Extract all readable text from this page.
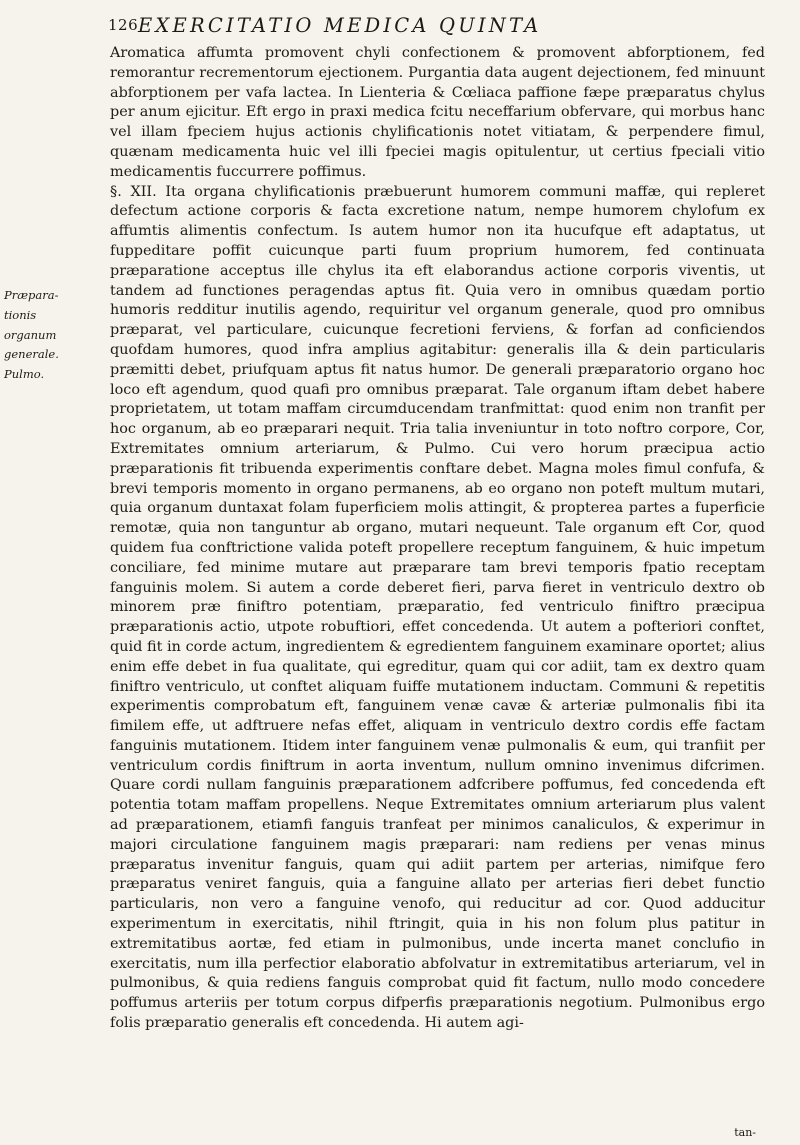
126 EXERCITATIO MEDICA QUINTA
Præpara-
tionis
organum
generale.
Pulmo.

Aromatica affumta promovent chyli confectionem & promovent abforptionem, fed remorantur recrementorum ejectionem. Purgantia data augent dejectionem, fed minuunt abforptionem per vafa lactea. In Lienteria & Cœliaca paffione fæpe præparatus chylus per anum ejicitur. Eft ergo in praxi medica fcitu neceffarium obfervare, qui morbus hanc vel illam fpeciem hujus actionis chylificationis notet vitiatam, & perpendere fimul, quænam medicamenta huic vel illi fpeciei magis opitulentur, ut certius fpeciali vitio medicamentis fuccurrere poffimus.

§. XII. Ita organa chylificationis præbuerunt humorem communi maffæ, qui repleret defectum actione corporis & facta excretione natum, nempe humorem chylofum ex affumtis alimentis confectum. Is autem humor non ita hucufque eft adaptatus, ut fuppeditare poffit cuicunque parti fuum proprium humorem, fed continuata præparatione acceptus ille chylus ita eft elaborandus actione corporis viventis, ut tandem ad functiones peragendas aptus fit. Quia vero in omnibus quædam portio humoris redditur inutilis agendo, requiritur vel organum generale, quod pro omnibus præparat, vel particulare, cuicunque fecretioni ferviens, & forfan ad conficiendos quofdam humores, quod infra amplius agitabitur: generalis illa & dein particularis præmitti debet, priufquam aptus fit natus humor. De generali præparatorio organo hoc loco eft agendum, quod quafi pro omnibus præparat. Tale organum iftam debet habere proprietatem, ut totam maffam circumducendam tranfmittat: quod enim non tranfit per hoc organum, ab eo præparari nequit. Tria talia inveniuntur in toto noftro corpore, Cor, Extremitates omnium arteriarum, & Pulmo. Cui vero horum præcipua actio præparationis fit tribuenda experimentis conftare debet. Magna moles fimul confufa, & brevi temporis momento in organo permanens, ab eo organo non poteft multum mutari, quia organum duntaxat folam fuperficiem molis attingit, & propterea partes a fuperficie remotæ, quia non tanguntur ab organo, mutari nequeunt. Tale organum eft Cor, quod quidem fua conftrictione valida poteft propellere receptum fanguinem, & huic impetum conciliare, fed minime mutare aut præparare tam brevi temporis fpatio receptam fanguinis molem. Si autem a corde deberet fieri, parva fieret in ventriculo dextro ob minorem præ finiftro potentiam, præparatio, fed ventriculo finiftro præcipua præparationis actio, utpote robuftiori, effet concedenda. Ut autem a pofteriori conftet, quid fit in corde actum, ingredientem & egredientem fanguinem examinare oportet; alius enim effe debet in fua qualitate, qui egreditur, quam qui cor adiit, tam ex dextro quam finiftro ventriculo, ut conftet aliquam fuiffe mutationem inductam. Communi & repetitis experimentis comprobatum eft, fanguinem venæ cavæ & arteriæ pulmonalis fibi ita fimilem effe, ut adftruere nefas effet, aliquam in ventriculo dextro cordis effe factam fanguinis mutationem. Itidem inter fanguinem venæ pulmonalis & eum, qui tranfiit per ventriculum cordis finiftrum in aorta inventum, nullum omnino invenimus difcrimen. Quare cordi nullam fanguinis præparationem adfcribere poffumus, fed concedenda eft potentia totam maffam propellens. Neque Extremitates omnium arteriarum plus valent ad præparationem, etiamfi fanguis tranfeat per minimos canaliculos, & experimur in majori circulatione fanguinem magis præparari: nam rediens per venas minus præparatus invenitur fanguis, quam qui adiit partem per arterias, nimifque fero præparatus veniret fanguis, quia a fanguine allato per arterias fieri debet functio particularis, non vero a fanguine venofo, qui reducitur ad cor. Quod adducitur experimentum in exercitatis, nihil ftringit, quia in his non folum plus patitur in extremitatibus aortæ, fed etiam in pulmonibus, unde incerta manet conclufio in exercitatis, num illa perfectior elaboratio abfolvatur in extremitatibus arteriarum, vel in pulmonibus, & quia rediens fanguis comprobat quid fit factum, nullo modo concedere poffumus arteriis per totum corpus difperfis præparationis negotium. Pulmonibus ergo folis præparatio generalis eft concedenda. Hi autem agi-

tan-
